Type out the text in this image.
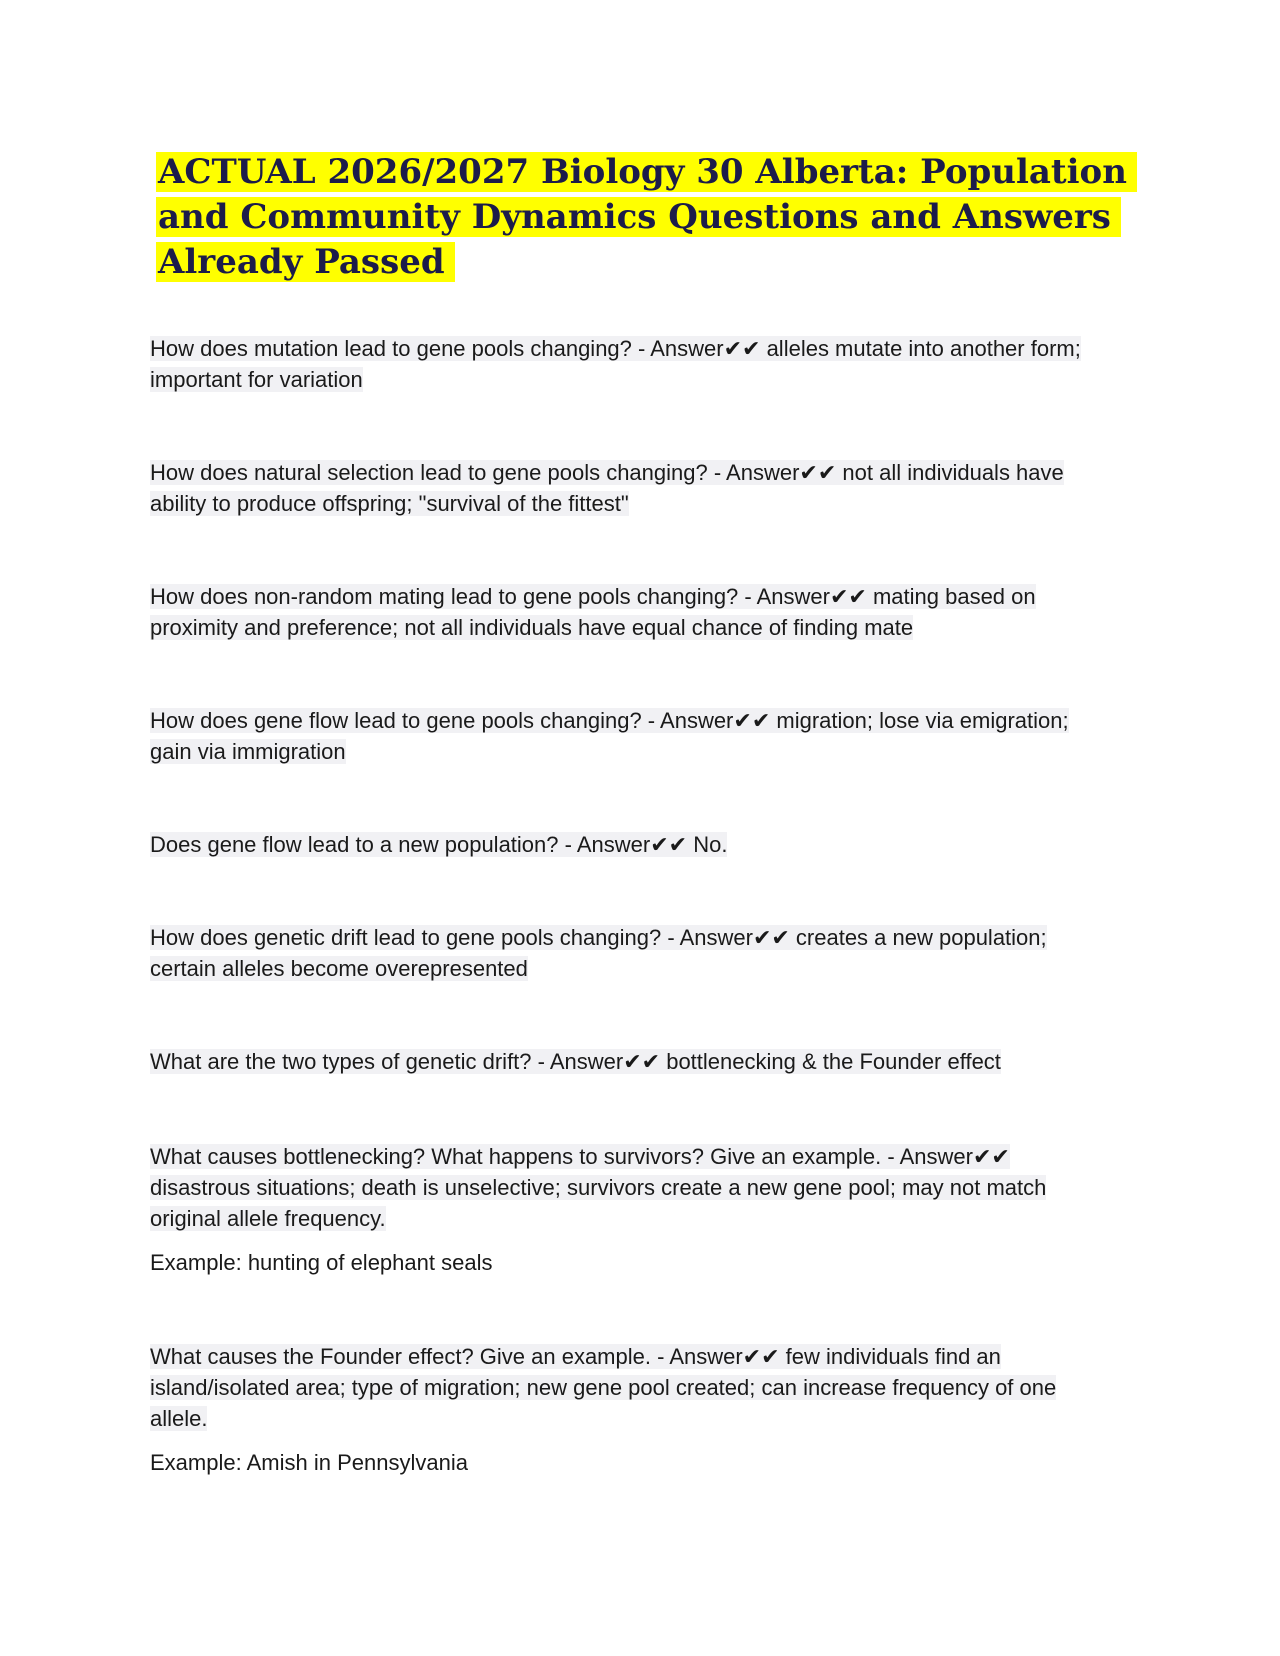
ACTUAL 2026/2027 Biology 30 Alberta: Population and Community Dynamics Questions and Answers Already Passed

How does mutation lead to gene pools changing? - Answer✔✔ alleles mutate into another form; important for variation

How does natural selection lead to gene pools changing? - Answer✔✔ not all individuals have ability to produce offspring; "survival of the fittest"

How does non-random mating lead to gene pools changing? - Answer✔✔ mating based on proximity and preference; not all individuals have equal chance of finding mate

How does gene flow lead to gene pools changing? - Answer✔✔ migration; lose via emigration; gain via immigration

Does gene flow lead to a new population? - Answer✔✔ No.

How does genetic drift lead to gene pools changing? - Answer✔✔ creates a new population; certain alleles become overepresented

What are the two types of genetic drift? - Answer✔✔ bottlenecking & the Founder effect

What causes bottlenecking? What happens to survivors? Give an example. - Answer✔✔ disastrous situations; death is unselective; survivors create a new gene pool; may not match original allele frequency.

Example: hunting of elephant seals

What causes the Founder effect? Give an example. - Answer✔✔ few individuals find an island/isolated area; type of migration; new gene pool created; can increase frequency of one allele.

Example: Amish in Pennsylvania
